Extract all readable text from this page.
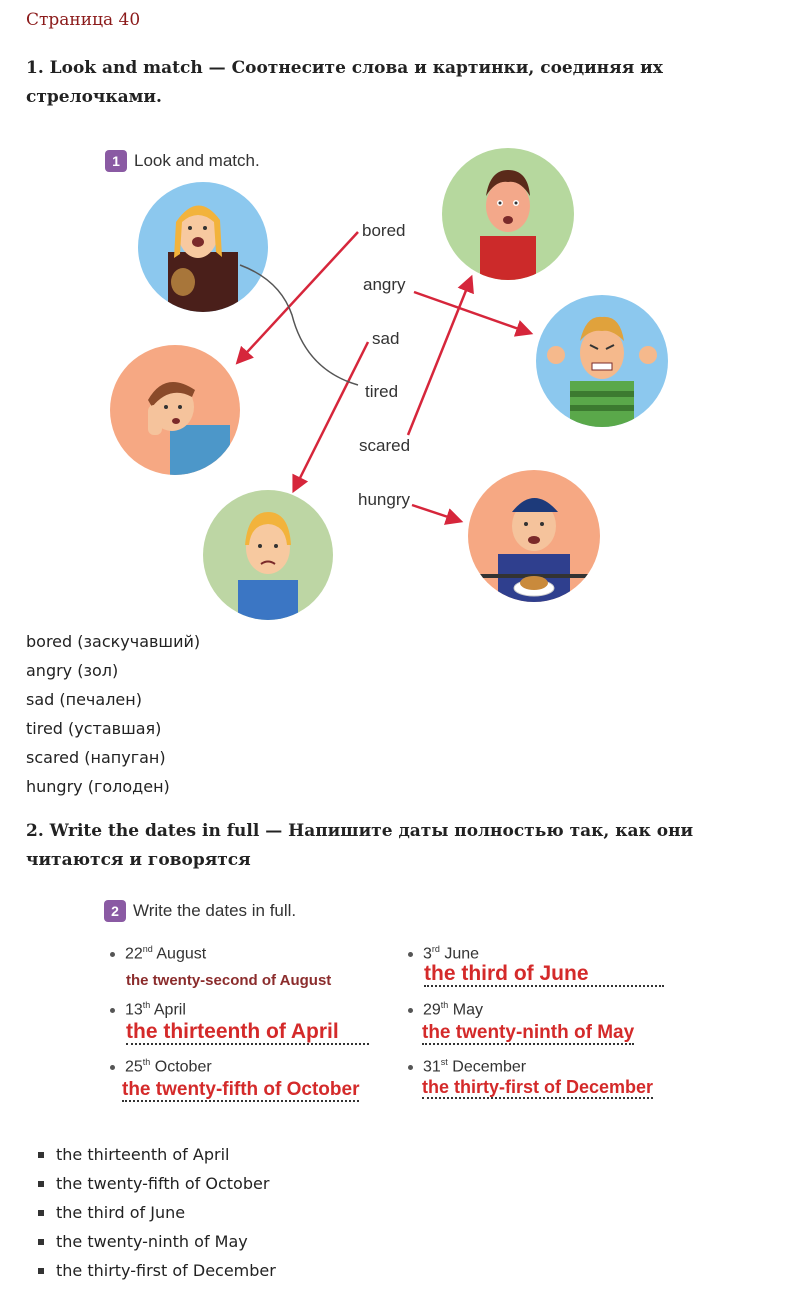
Страница 40
1. Look and match — Соотнесите слова и картинки, соединяя их стрелочками.
1 Look and match.
bored
angry
sad
tired
scared
hungry
bored (заскучавший)
angry (зол)
sad (печален)
tired (уставшая)
scared (напуган)
hungry (голоден)
2. Write the dates in full — Напишите даты полностью так, как они читаются и говорятся
2 Write the dates in full.
22nd August
the twenty-second of August
13th April
the thirteenth of April
25th October
the twenty-fifth of October
3rd June
the third of June
29th May
the twenty-ninth of May
31st December
the thirty-first of December
the thirteenth of April
the twenty-fifth of October
the third of June
the twenty-ninth of May
the thirty-first of December
